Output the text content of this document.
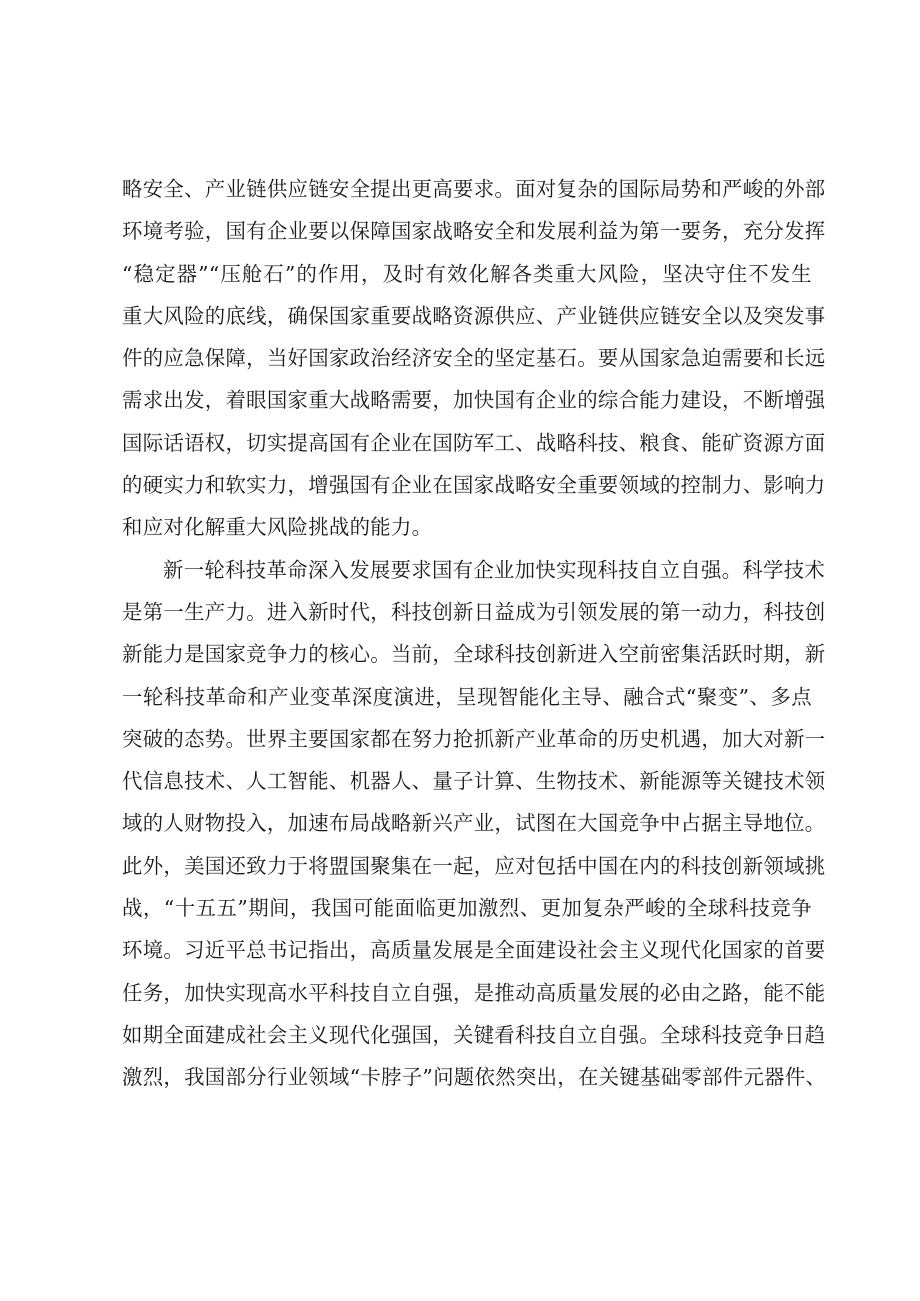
略安全、产业链供应链安全提出更高要求。面对复杂的国际局势和严峻的外部
环境考验，国有企业要以保障国家战略安全和发展利益为第一要务，充分发挥
“稳定器”“压舱石”的作用，及时有效化解各类重大风险，坚决守住不发生
重大风险的底线，确保国家重要战略资源供应、产业链供应链安全以及突发事
件的应急保障，当好国家政治经济安全的坚定基石。要从国家急迫需要和长远
需求出发，着眼国家重大战略需要，加快国有企业的综合能力建设，不断增强
国际话语权，切实提高国有企业在国防军工、战略科技、粮食、能矿资源方面
的硬实力和软实力，增强国有企业在国家战略安全重要领域的控制力、影响力
和应对化解重大风险挑战的能力。
新一轮科技革命深入发展要求国有企业加快实现科技自立自强。科学技术
是第一生产力。进入新时代，科技创新日益成为引领发展的第一动力，科技创
新能力是国家竞争力的核心。当前，全球科技创新进入空前密集活跃时期，新
一轮科技革命和产业变革深度演进，呈现智能化主导、融合式“聚变”、多点
突破的态势。世界主要国家都在努力抢抓新产业革命的历史机遇，加大对新一
代信息技术、人工智能、机器人、量子计算、生物技术、新能源等关键技术领
域的人财物投入，加速布局战略新兴产业，试图在大国竞争中占据主导地位。
此外，美国还致力于将盟国聚集在一起，应对包括中国在内的科技创新领域挑
战，“十五五”期间，我国可能面临更加激烈、更加复杂严峻的全球科技竞争
环境。习近平总书记指出，高质量发展是全面建设社会主义现代化国家的首要
任务，加快实现高水平科技自立自强，是推动高质量发展的必由之路，能不能
如期全面建成社会主义现代化强国，关键看科技自立自强。全球科技竞争日趋
激烈，我国部分行业领域“卡脖子”问题依然突出，在关键基础零部件元器件、
